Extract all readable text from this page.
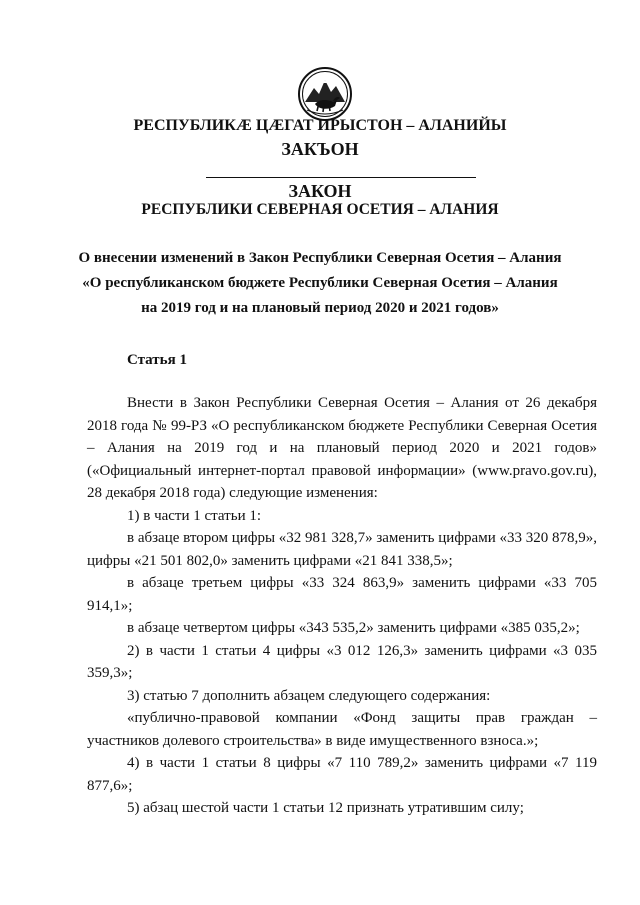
РЕСПУБЛИКӔ ЦӔГАТ ИРЫСТОН – АЛАНИЙЫ
ЗАКЪОН
ЗАКОН
РЕСПУБЛИКИ СЕВЕРНАЯ ОСЕТИЯ – АЛАНИЯ
О внесении изменений в Закон Республики Северная Осетия – Алания
«О республиканском бюджете Республики Северная Осетия – Алания
на 2019 год и на плановый период 2020 и 2021 годов»
Статья 1

Внести в Закон Республики Северная Осетия – Алания от 26 декабря 2018 года № 99-РЗ «О республиканском бюджете Республики Северная Осетия – Алания на 2019 год и на плановый период 2020 и 2021 годов» («Официальный интернет-портал правовой информации» (www.pravo.gov.ru), 28 декабря 2018 года) следующие изменения:

1) в части 1 статьи 1:

в абзаце втором цифры «32 981 328,7» заменить цифрами «33 320 878,9», цифры «21 501 802,0» заменить цифрами «21 841 338,5»;

в абзаце третьем цифры «33 324 863,9» заменить цифрами «33 705 914,1»;

в абзаце четвертом цифры «343 535,2» заменить цифрами «385 035,2»;

2) в части 1 статьи 4 цифры «3 012 126,3» заменить цифрами «3 035 359,3»;

3) статью 7 дополнить абзацем следующего содержания:

«публично-правовой компании «Фонд защиты прав граждан – участников долевого строительства» в виде имущественного взноса.»;

4) в части 1 статьи 8 цифры «7 110 789,2» заменить цифрами «7 119 877,6»;

5) абзац шестой части 1 статьи 12 признать утратившим силу;
